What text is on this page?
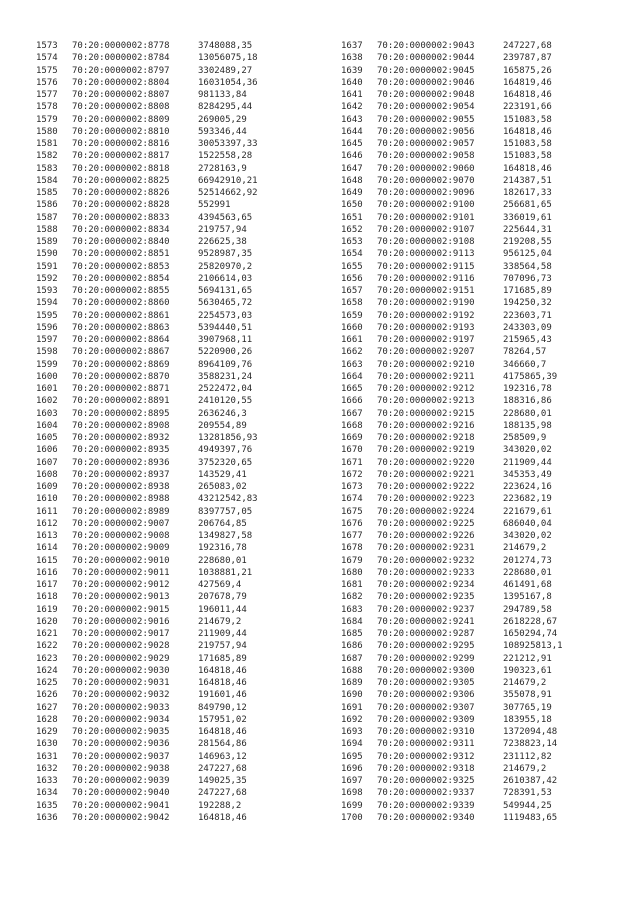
1573 70:20:0000002:8778	3748088,35
1574 70:20:0000002:8784	13056075,18
1575 70:20:0000002:8797	3302489,27
1576 70:20:0000002:8804	16031054,36
1577 70:20:0000002:8807	981133,84
1578 70:20:0000002:8808	8284295,44
1579 70:20:0000002:8809	269005,29
1580 70:20:0000002:8810	593346,44
1581 70:20:0000002:8816	30053397,33
1582 70:20:0000002:8817	1522558,28
1583 70:20:0000002:8818	2728163,9
1584 70:20:0000002:8825	66942910,21
1585 70:20:0000002:8826	52514662,92
1586 70:20:0000002:8828	552991
1587 70:20:0000002:8833	4394563,65
1588 70:20:0000002:8834	219757,94
1589 70:20:0000002:8840	226625,38
1590 70:20:0000002:8851	9528987,35
1591 70:20:0000002:8853	25820970,2
1592 70:20:0000002:8854	2106614,03
1593 70:20:0000002:8855	5694131,65
1594 70:20:0000002:8860	5630465,72
1595 70:20:0000002:8861	2254573,03
1596 70:20:0000002:8863	5394440,51
1597 70:20:0000002:8864	3907968,11
1598 70:20:0000002:8867	5220900,26
1599 70:20:0000002:8869	8964109,76
1600 70:20:0000002:8870	3588231,24
1601 70:20:0000002:8871	2522472,04
1602 70:20:0000002:8891	2410120,55
1603 70:20:0000002:8895	2636246,3
1604 70:20:0000002:8908	209554,89
1605 70:20:0000002:8932	13281856,93
1606 70:20:0000002:8935	4949397,76
1607 70:20:0000002:8936	3752320,65
1608 70:20:0000002:8937	143529,41
1609 70:20:0000002:8938	265083,02
1610 70:20:0000002:8988	43212542,83
1611 70:20:0000002:8989	8397757,05
1612 70:20:0000002:9007	206764,85
1613 70:20:0000002:9008	1349827,58
1614 70:20:0000002:9009	192316,78
1615 70:20:0000002:9010	228680,01
1616 70:20:0000002:9011	1038881,21
1617 70:20:0000002:9012	427569,4
1618 70:20:0000002:9013	207678,79
1619 70:20:0000002:9015	196011,44
1620 70:20:0000002:9016	214679,2
1621 70:20:0000002:9017	211909,44
1622 70:20:0000002:9028	219757,94
1623 70:20:0000002:9029	171685,89
1624 70:20:0000002:9030	164818,46
1625 70:20:0000002:9031	164818,46
1626 70:20:0000002:9032	191601,46
1627 70:20:0000002:9033	849790,12
1628 70:20:0000002:9034	157951,02
1629 70:20:0000002:9035	164818,46
1630 70:20:0000002:9036	281564,86
1631 70:20:0000002:9037	146963,12
1632 70:20:0000002:9038	247227,68
1633 70:20:0000002:9039	149025,35
1634 70:20:0000002:9040	247227,68
1635 70:20:0000002:9041	192288,2
1636 70:20:0000002:9042	164818,46
1637 70:20:0000002:9043	247227,68
1638 70:20:0000002:9044	239787,87
1639 70:20:0000002:9045	165875,26
1640 70:20:0000002:9046	164819,46
1641 70:20:0000002:9048	164818,46
1642 70:20:0000002:9054	223191,66
1643 70:20:0000002:9055	151083,58
1644 70:20:0000002:9056	164818,46
1645 70:20:0000002:9057	151083,58
1646 70:20:0000002:9058	151083,58
1647 70:20:0000002:9060	164818,46
1648 70:20:0000002:9070	214387,51
1649 70:20:0000002:9096	182617,33
1650 70:20:0000002:9100	256681,65
1651 70:20:0000002:9101	336019,61
1652 70:20:0000002:9107	225644,31
1653 70:20:0000002:9108	219208,55
1654 70:20:0000002:9113	956125,04
1655 70:20:0000002:9115	338564,58
1656 70:20:0000002:9116	707096,73
1657 70:20:0000002:9151	171685,89
1658 70:20:0000002:9190	194250,32
1659 70:20:0000002:9192	223603,71
1660 70:20:0000002:9193	243303,09
1661 70:20:0000002:9197	215965,43
1662 70:20:0000002:9207	78264,57
1663 70:20:0000002:9210	346660,7
1664 70:20:0000002:9211	4175865,39
1665 70:20:0000002:9212	192316,78
1666 70:20:0000002:9213	188316,86
1667 70:20:0000002:9215	228680,01
1668 70:20:0000002:9216	188135,98
1669 70:20:0000002:9218	258509,9
1670 70:20:0000002:9219	343020,02
1671 70:20:0000002:9220	211909,44
1672 70:20:0000002:9221	345353,49
1673 70:20:0000002:9222	223624,16
1674 70:20:0000002:9223	223682,19
1675 70:20:0000002:9224	221679,61
1676 70:20:0000002:9225	686040,04
1677 70:20:0000002:9226	343020,02
1678 70:20:0000002:9231	214679,2
1679 70:20:0000002:9232	201274,73
1680 70:20:0000002:9233	228680,01
1681 70:20:0000002:9234	461491,68
1682 70:20:0000002:9235	1395167,8
1683 70:20:0000002:9237	294789,58
1684 70:20:0000002:9241	2618228,67
1685 70:20:0000002:9287	1650294,74
1686 70:20:0000002:9295	108925813,1
1687 70:20:0000002:9299	221212,91
1688 70:20:0000002:9300	190323,61
1689 70:20:0000002:9305	214679,2
1690 70:20:0000002:9306	355078,91
1691 70:20:0000002:9307	307765,19
1692 70:20:0000002:9309	183955,18
1693 70:20:0000002:9310	1372094,48
1694 70:20:0000002:9311	7238823,14
1695 70:20:0000002:9312	231112,82
1696 70:20:0000002:9318	214679,2
1697 70:20:0000002:9325	2610387,42
1698 70:20:0000002:9337	728391,53
1699 70:20:0000002:9339	549944,25
1700 70:20:0000002:9340	1119483,65
